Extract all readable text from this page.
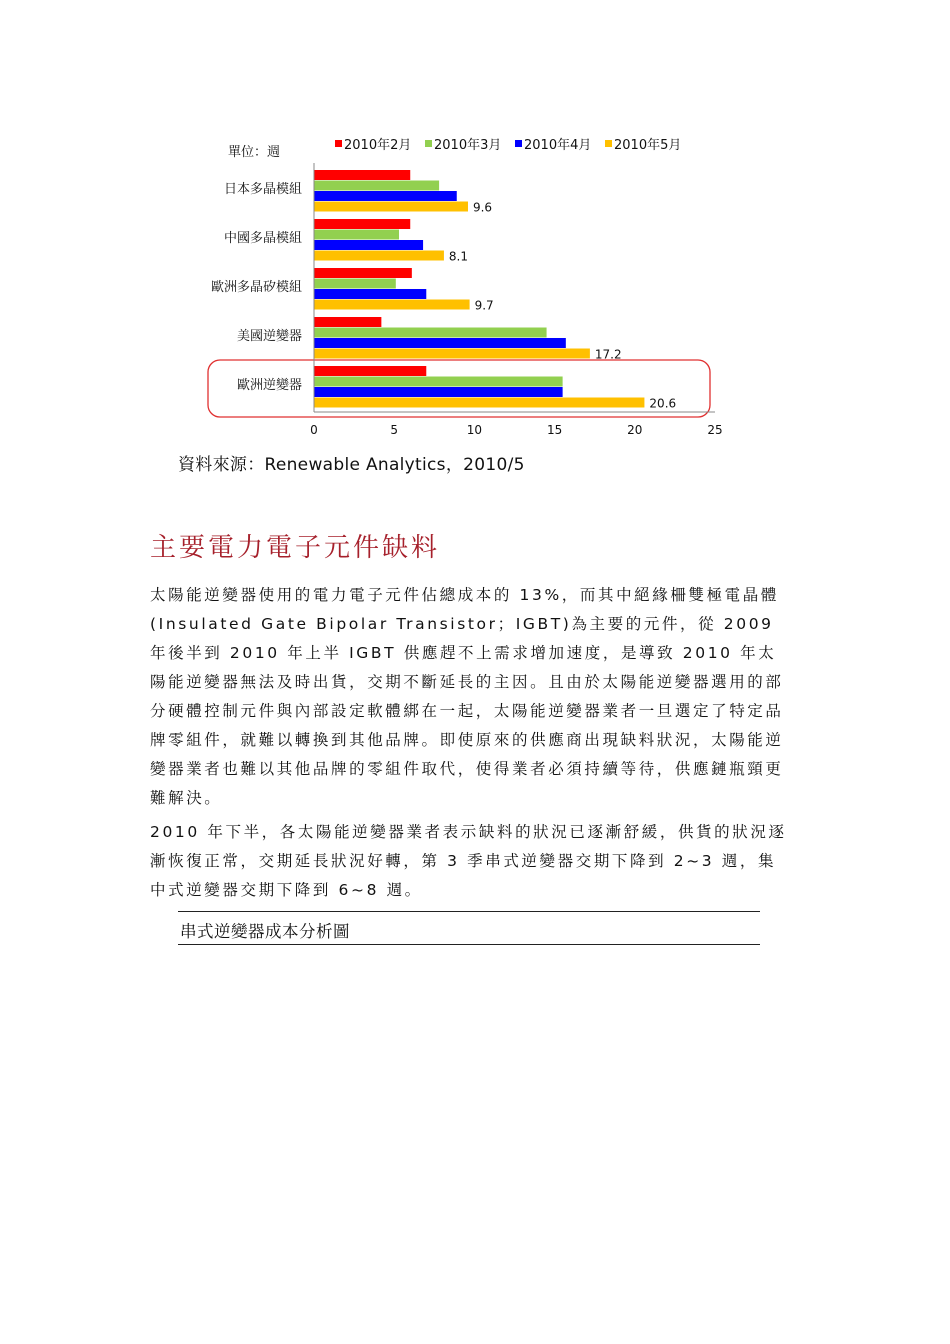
單位：週	2010年2月 2010年3月 2010年4月 2010年5月
日本多晶模組
9.6
中國多晶模組
8.1
歐洲多晶矽模組
9.7
美國逆變器
17.2
歐洲逆變器
20.6
0	5	10	15	20	25
資料來源：Renewable Analytics，2010/5
主要電力電子元件缺料

太陽能逆變器使用的電力電子元件佔總成本的 13%，而其中絕緣柵雙極電晶體(Insulated Gate Bipolar Transistor；IGBT)為主要的元件，從 2009 年後半到 2010 年上半 IGBT 供應趕不上需求增加速度，是導致 2010 年太陽能逆變器無法及時出貨，交期不斷延長的主因。且由於太陽能逆變器選用的部分硬體控制元件與內部設定軟體綁在一起，太陽能逆變器業者一旦選定了特定品牌零組件，就難以轉換到其他品牌。即使原來的供應商出現缺料狀況，太陽能逆變器業者也難以其他品牌的零組件取代，使得業者必須持續等待，供應鏈瓶頸更難解決。

2010 年下半，各太陽能逆變器業者表示缺料的狀況已逐漸舒緩，供貨的狀況逐漸恢復正常，交期延長狀況好轉，第 3 季串式逆變器交期下降到 2~3 週，集中式逆變器交期下降到 6~8 週。

串式逆變器成本分析圖
